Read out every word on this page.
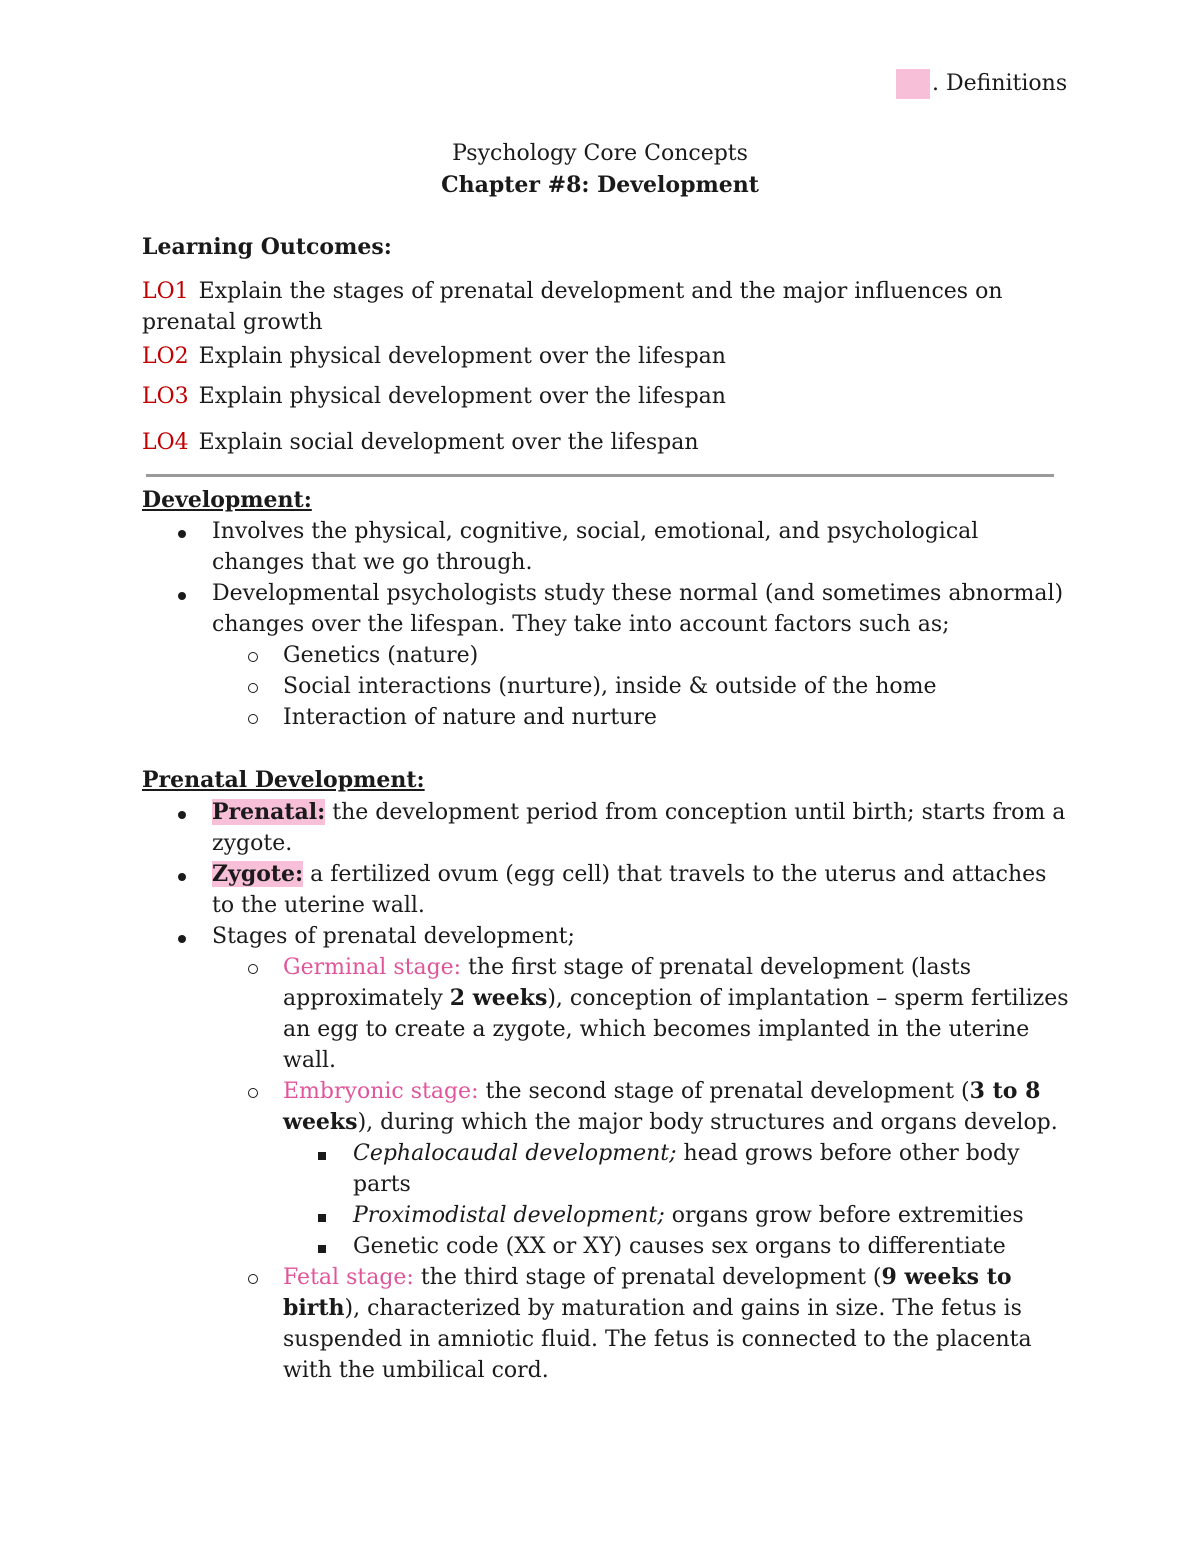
. Definitions
Psychology Core Concepts
Chapter #8: Development
Learning Outcomes:
LO1 Explain the stages of prenatal development and the major influences on prenatal growth
LO2 Explain physical development over the lifespan
LO3 Explain physical development over the lifespan
LO4 Explain social development over the lifespan
Development:
Involves the physical, cognitive, social, emotional, and psychological changes that we go through.
Developmental psychologists study these normal (and sometimes abnormal) changes over the lifespan. They take into account factors such as;
Genetics (nature)
Social interactions (nurture), inside & outside of the home
Interaction of nature and nurture
Prenatal Development:
Prenatal: the development period from conception until birth; starts from a zygote.
Zygote: a fertilized ovum (egg cell) that travels to the uterus and attaches to the uterine wall.
Stages of prenatal development;
Germinal stage: the first stage of prenatal development (lasts approximately 2 weeks), conception of implantation – sperm fertilizes an egg to create a zygote, which becomes implanted in the uterine wall.
Embryonic stage: the second stage of prenatal development (3 to 8 weeks), during which the major body structures and organs develop.
Cephalocaudal development; head grows before other body parts
Proximodistal development; organs grow before extremities
Genetic code (XX or XY) causes sex organs to differentiate
Fetal stage: the third stage of prenatal development (9 weeks to birth), characterized by maturation and gains in size. The fetus is suspended in amniotic fluid. The fetus is connected to the placenta with the umbilical cord.
